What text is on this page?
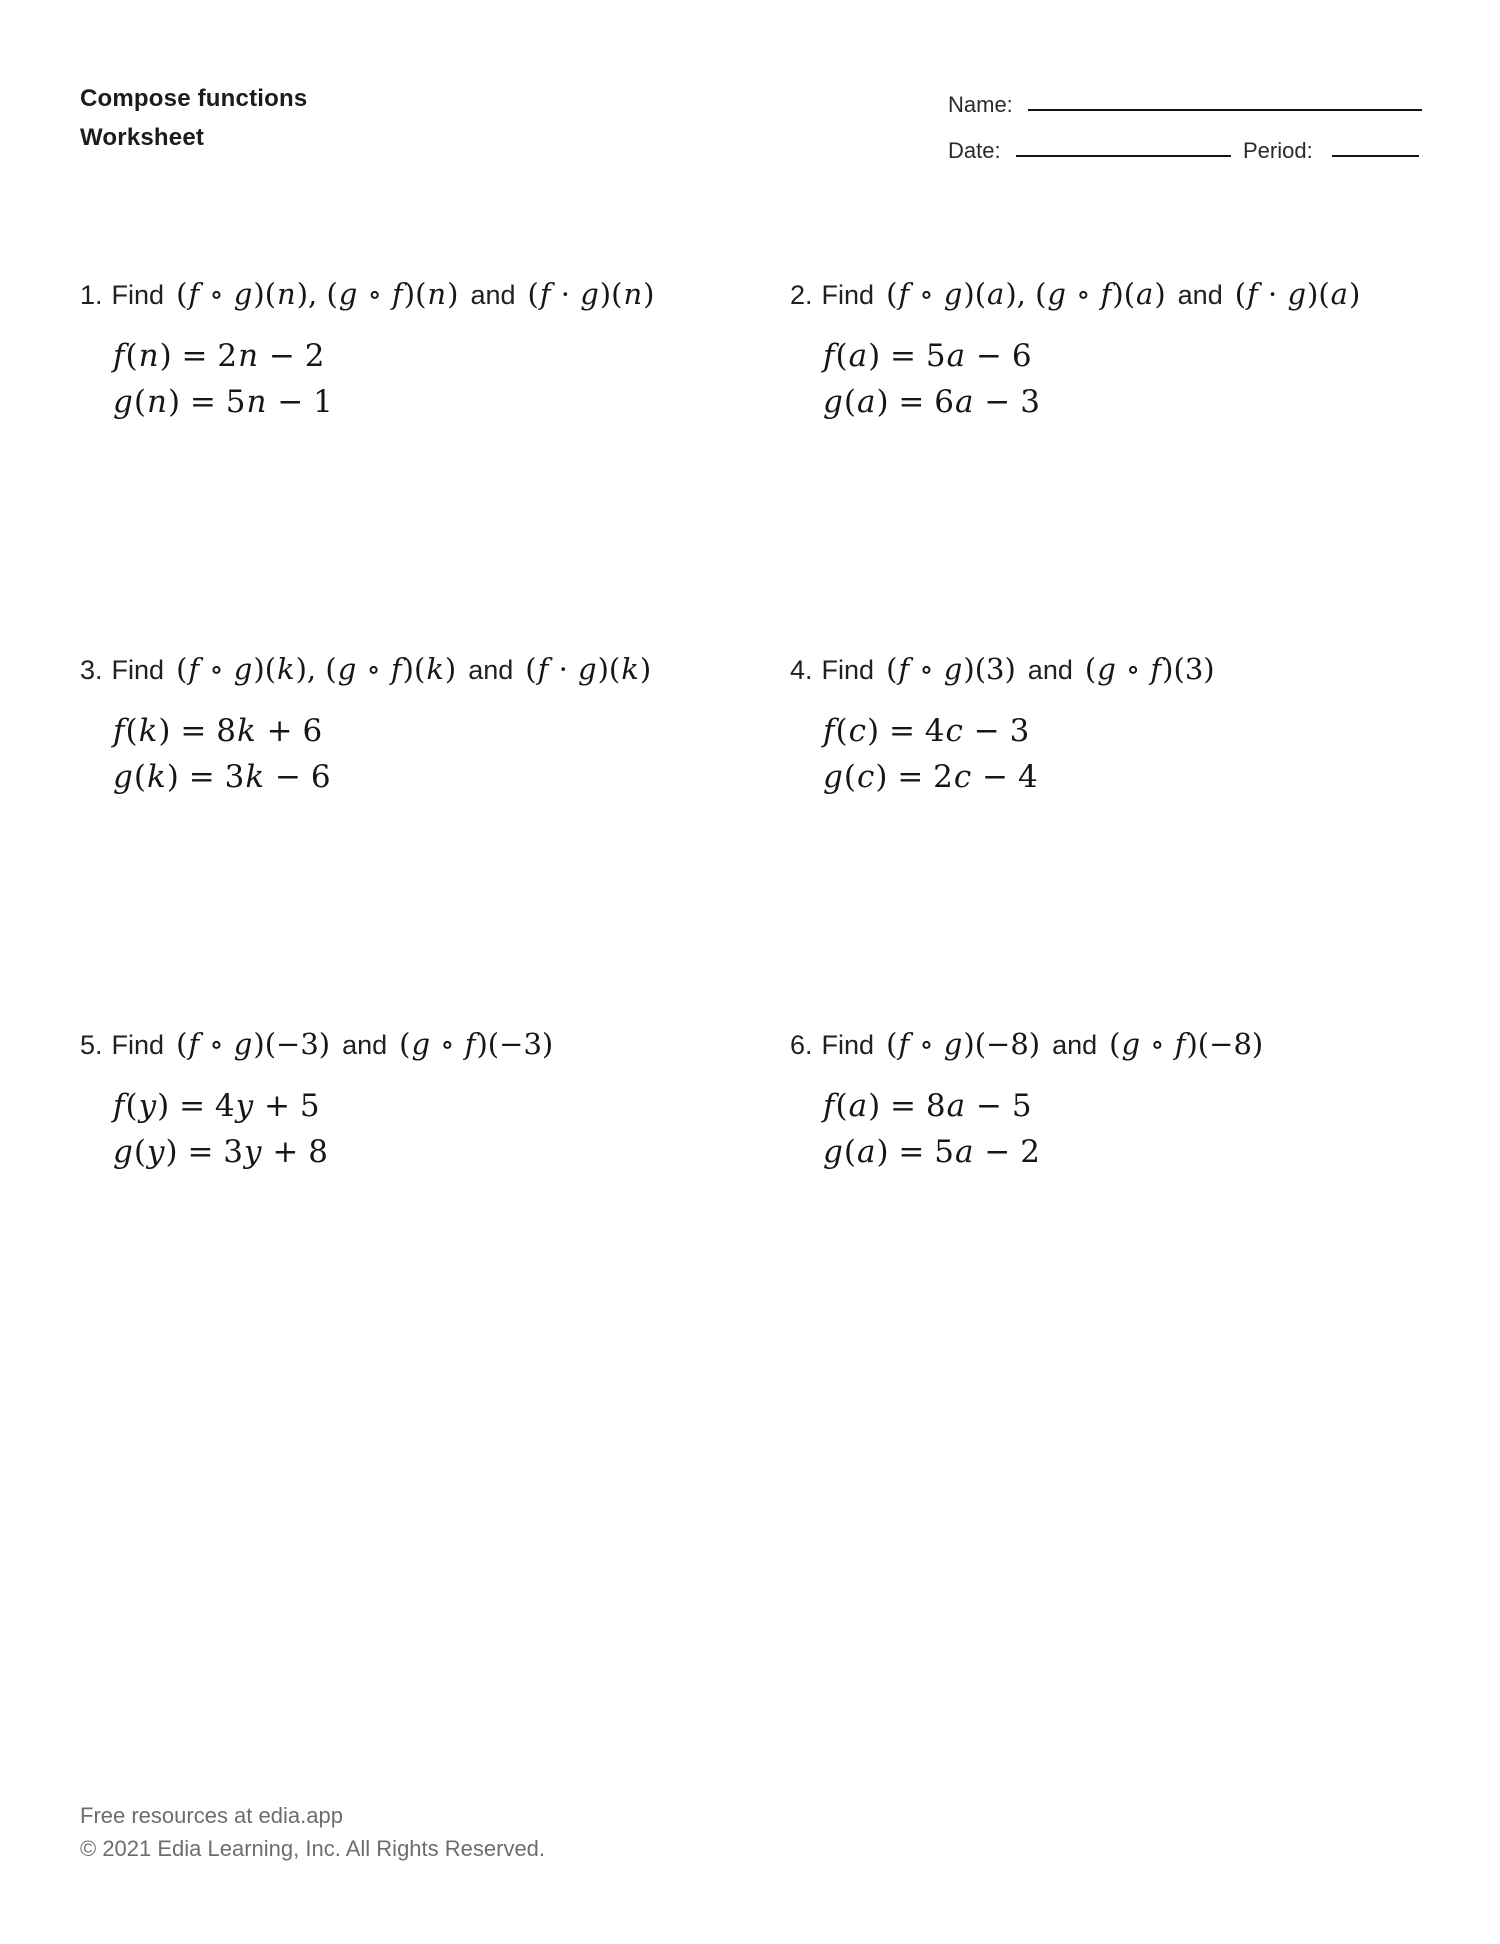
Compose functions
Worksheet
Name:
Date:	Period:
1. Find (f ∘ g)(n), (g ∘ f)(n) and (f · g)(n)
f(n) = 2n − 2
g(n) = 5n − 1
2. Find (f ∘ g)(a), (g ∘ f)(a) and (f · g)(a)
f(a) = 5a − 6
g(a) = 6a − 3
3. Find (f ∘ g)(k), (g ∘ f)(k) and (f · g)(k)
f(k) = 8k + 6
g(k) = 3k − 6
4. Find (f ∘ g)(3) and (g ∘ f)(3)
f(c) = 4c − 3
g(c) = 2c − 4
5. Find (f ∘ g)(−3) and (g ∘ f)(−3)
f(y) = 4y + 5
g(y) = 3y + 8
6. Find (f ∘ g)(−8) and (g ∘ f)(−8)
f(a) = 8a − 5
g(a) = 5a − 2
Free resources at edia.app
© 2021 Edia Learning, Inc. All Rights Reserved.
